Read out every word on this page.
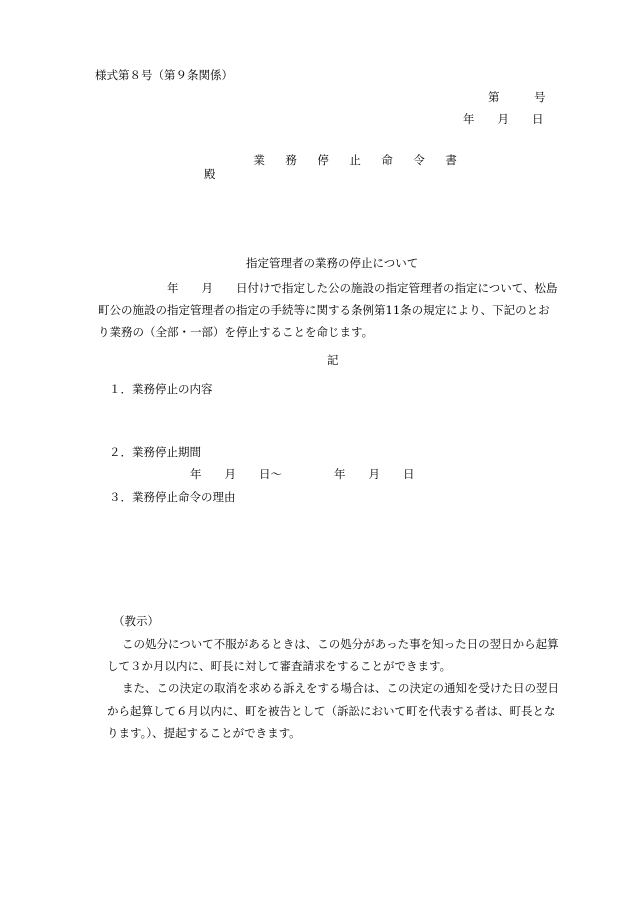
様式第８号（第９条関係）
第　　　号
年　　月　　日

業 務 停 止 命 令 書

殿
指定管理者の業務の停止について
年　　月　　日付けで指定した公の施設の指定管理者の指定について、松島
町公の施設の指定管理者の指定の手続等に関する条例第11条の規定により、下記のとお
り業務の（全部・一部）を停止することを命じます。
記
１．業務停止の内容
２．業務停止期間
年　　月　　日～	年　　月　　日
３．業務停止命令の理由
（教示）
この処分について不服があるときは、この処分があった事を知った日の翌日から起算
して３か月以内に、町長に対して審査請求をすることができます。
また、この決定の取消を求める訴えをする場合は、この決定の通知を受けた日の翌日
から起算して６月以内に、町を被告として（訴訟において町を代表する者は、町長とな
ります。）、提起することができます。
